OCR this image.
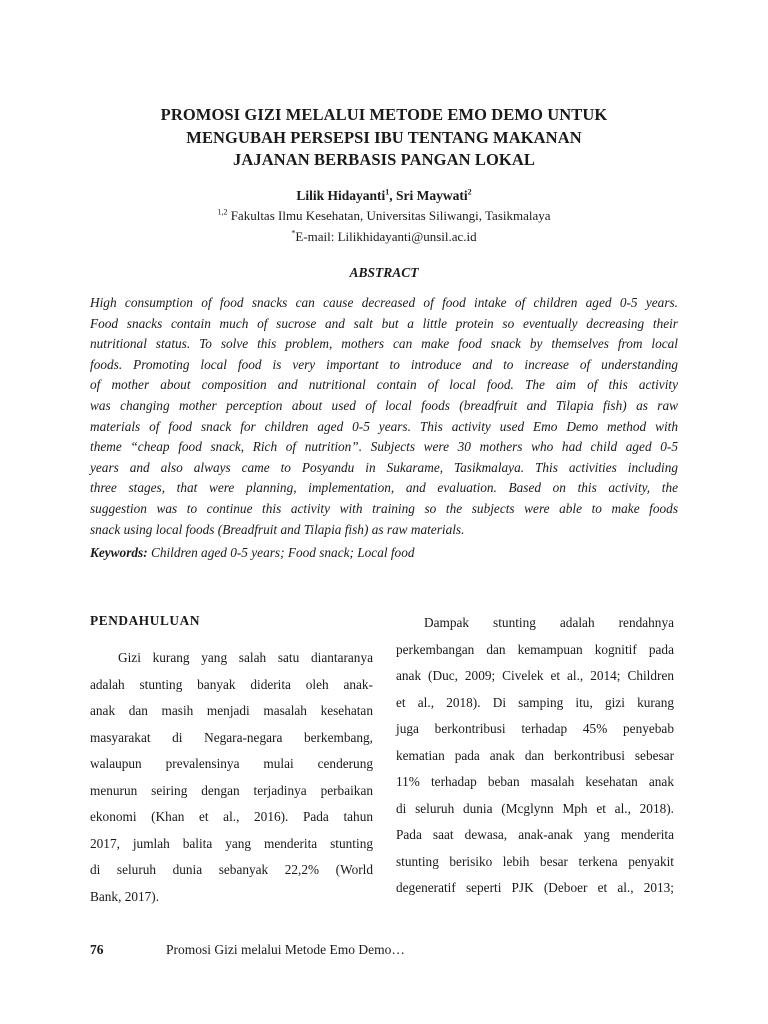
PROMOSI GIZI MELALUI METODE EMO DEMO UNTUK
MENGUBAH PERSEPSI IBU TENTANG MAKANAN
JAJANAN BERBASIS PANGAN LOKAL
Lilik Hidayanti$^1$, Sri Maywati$^2$
$^{1,2}$ Fakultas Ilmu Kesehatan, Universitas Siliwangi, Tasikmalaya
*E-mail: Lilikhidayanti@unsil.ac.id
ABSTRACT
High consumption of food snacks can cause decreased of food intake of children aged 0-5 years.
Food snacks contain much of sucrose and salt but a little protein so eventually decreasing their
nutritional status. To solve this problem, mothers can make food snack by themselves from local
foods. Promoting local food is very important to introduce and to increase of understanding
of mother about composition and nutritional contain of local food. The aim of this activity
was changing mother perception about used of local foods (breadfruit and Tilapia fish) as raw
materials of food snack for children aged 0-5 years. This activity used Emo Demo method with
theme “cheap food snack, Rich of nutrition”. Subjects were 30 mothers who had child aged 0-5
years and also always came to Posyandu in Sukarame, Tasikmalaya. This activities including
three stages, that were planning, implementation, and evaluation. Based on this activity, the
suggestion was to continue this activity with training so the subjects were able to make foods
snack using local foods (Breadfruit and Tilapia fish) as raw materials.
Keywords: Children aged 0-5 years; Food snack; Local food
PENDAHULUAN
Gizi kurang yang salah satu diantaranya
adalah stunting banyak diderita oleh anak-
anak dan masih menjadi masalah kesehatan
masyarakat di Negara-negara berkembang,
walaupun prevalensinya mulai cenderung
menurun seiring dengan terjadinya perbaikan
ekonomi (Khan et al., 2016). Pada tahun
2017, jumlah balita yang menderita stunting
di seluruh dunia sebanyak 22,2% (World
Bank, 2017).
Dampak stunting adalah rendahnya
perkembangan dan kemampuan kognitif pada
anak (Duc, 2009; Civelek et al., 2014; Children
et al., 2018). Di samping itu, gizi kurang
juga berkontribusi terhadap 45% penyebab
kematian pada anak dan berkontribusi sebesar
11% terhadap beban masalah kesehatan anak
di seluruh dunia (Mcglynn Mph et al., 2018).
Pada saat dewasa, anak-anak yang menderita
stunting berisiko lebih besar terkena penyakit
degeneratif seperti PJK (Deboer et al., 2013;
76	Promosi Gizi melalui Metode Emo Demo…
